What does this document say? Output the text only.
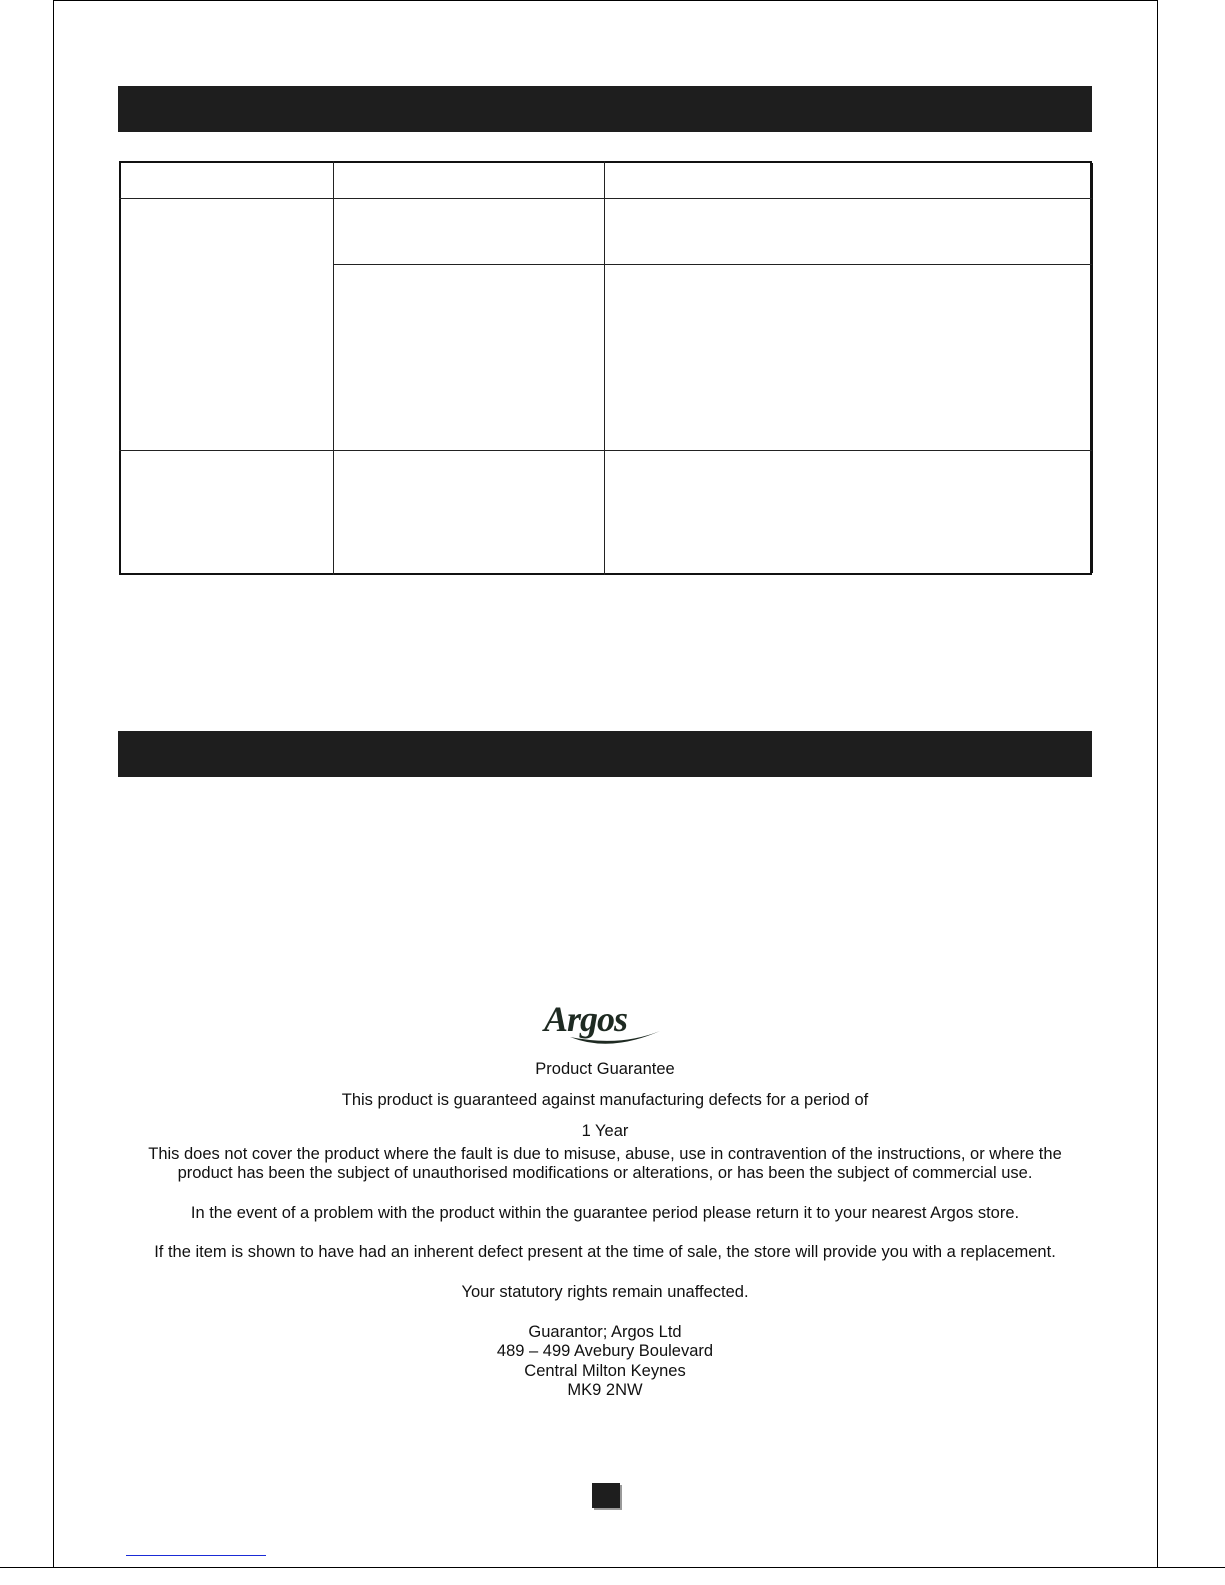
Argos
Product Guarantee
This product is guaranteed against manufacturing defects for a period of
1 Year
This does not cover the product where the fault is due to misuse, abuse, use in contravention of the instructions, or where the
product has been the subject of unauthorised modifications or alterations, or has been the subject of commercial use.
In the event of a problem with the product within the guarantee period please return it to your nearest Argos store.
If the item is shown to have had an inherent defect present at the time of sale, the store will provide you with a replacement.
Your statutory rights remain unaffected.
Guarantor; Argos Ltd
489 – 499 Avebury Boulevard
Central Milton Keynes
MK9 2NW
